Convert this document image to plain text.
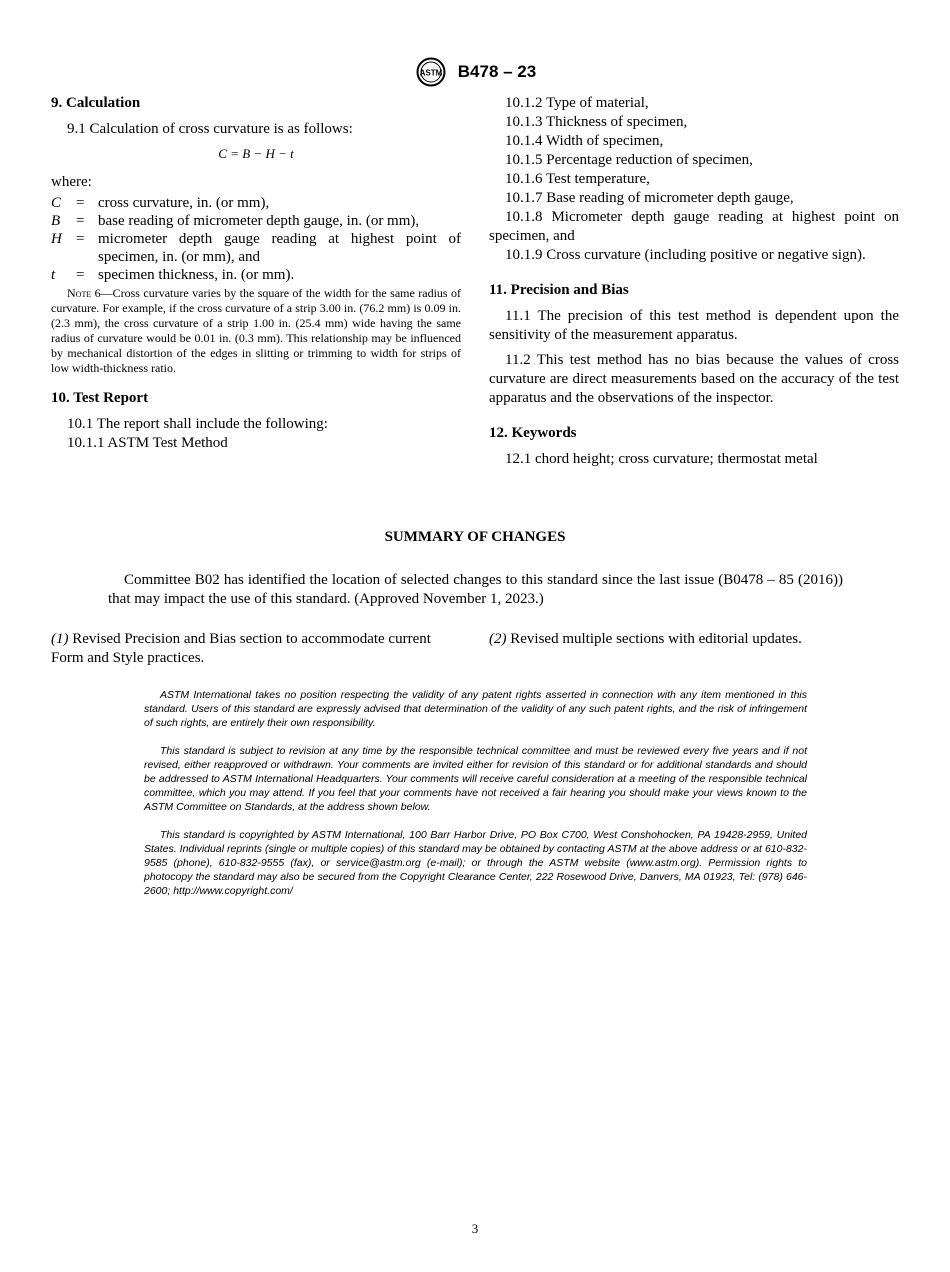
ASTM B478 – 23

9. Calculation

9.1 Calculation of cross curvature is as follows:

C = B − H − t

where:

C = cross curvature, in. (or mm),
B	= base reading of micrometer depth gauge, in. (or mm),
H = micrometer depth gauge reading at highest point of specimen, in. (or mm), and
t	= specimen thickness, in. (or mm).

Note 6—Cross curvature varies by the square of the width for the same radius of curvature. For example, if the cross curvature of a strip 3.00 in. (76.2 mm) is 0.09 in. (2.3 mm), the cross curvature of a strip 1.00 in. (25.4 mm) wide having the same radius of curvature would be 0.01 in. (0.3 mm). This relationship may be influenced by mechanical distortion of the edges in slitting or trimming to width for strips of low width-thickness ratio.

10. Test Report

10.1 The report shall include the following:

10.1.1 ASTM Test Method

10.1.2 Type of material,

10.1.3 Thickness of specimen,

10.1.4 Width of specimen,

10.1.5 Percentage reduction of specimen,

10.1.6 Test temperature,

10.1.7 Base reading of micrometer depth gauge,

10.1.8 Micrometer depth gauge reading at highest point on specimen, and

10.1.9 Cross curvature (including positive or negative sign).

11. Precision and Bias

11.1 The precision of this test method is dependent upon the sensitivity of the measurement apparatus.

11.2 This test method has no bias because the values of cross curvature are direct measurements based on the accuracy of the test apparatus and the observations of the inspector.

12. Keywords

12.1 chord height; cross curvature; thermostat metal

SUMMARY OF CHANGES
Committee B02 has identified the location of selected changes to this standard since the last issue (B0478 – 85 (2016)) that may impact the use of this standard. (Approved November 1, 2023.)
(1) Revised Precision and Bias section to accommodate current Form and Style practices.
(2) Revised multiple sections with editorial updates.

ASTM International takes no position respecting the validity of any patent rights asserted in connection with any item mentioned in this standard. Users of this standard are expressly advised that determination of the validity of any such patent rights, and the risk of infringement of such rights, are entirely their own responsibility.

This standard is subject to revision at any time by the responsible technical committee and must be reviewed every five years and if not revised, either reapproved or withdrawn. Your comments are invited either for revision of this standard or for additional standards and should be addressed to ASTM International Headquarters. Your comments will receive careful consideration at a meeting of the responsible technical committee, which you may attend. If you feel that your comments have not received a fair hearing you should make your views known to the ASTM Committee on Standards, at the address shown below.

This standard is copyrighted by ASTM International, 100 Barr Harbor Drive, PO Box C700, West Conshohocken, PA 19428-2959, United States. Individual reprints (single or multiple copies) of this standard may be obtained by contacting ASTM at the above address or at 610-832-9585 (phone), 610-832-9555 (fax), or service@astm.org (e-mail); or through the ASTM website (www.astm.org). Permission rights to photocopy the standard may also be secured from the Copyright Clearance Center, 222 Rosewood Drive, Danvers, MA 01923, Tel: (978) 646-2600; http://www.copyright.com/

3
